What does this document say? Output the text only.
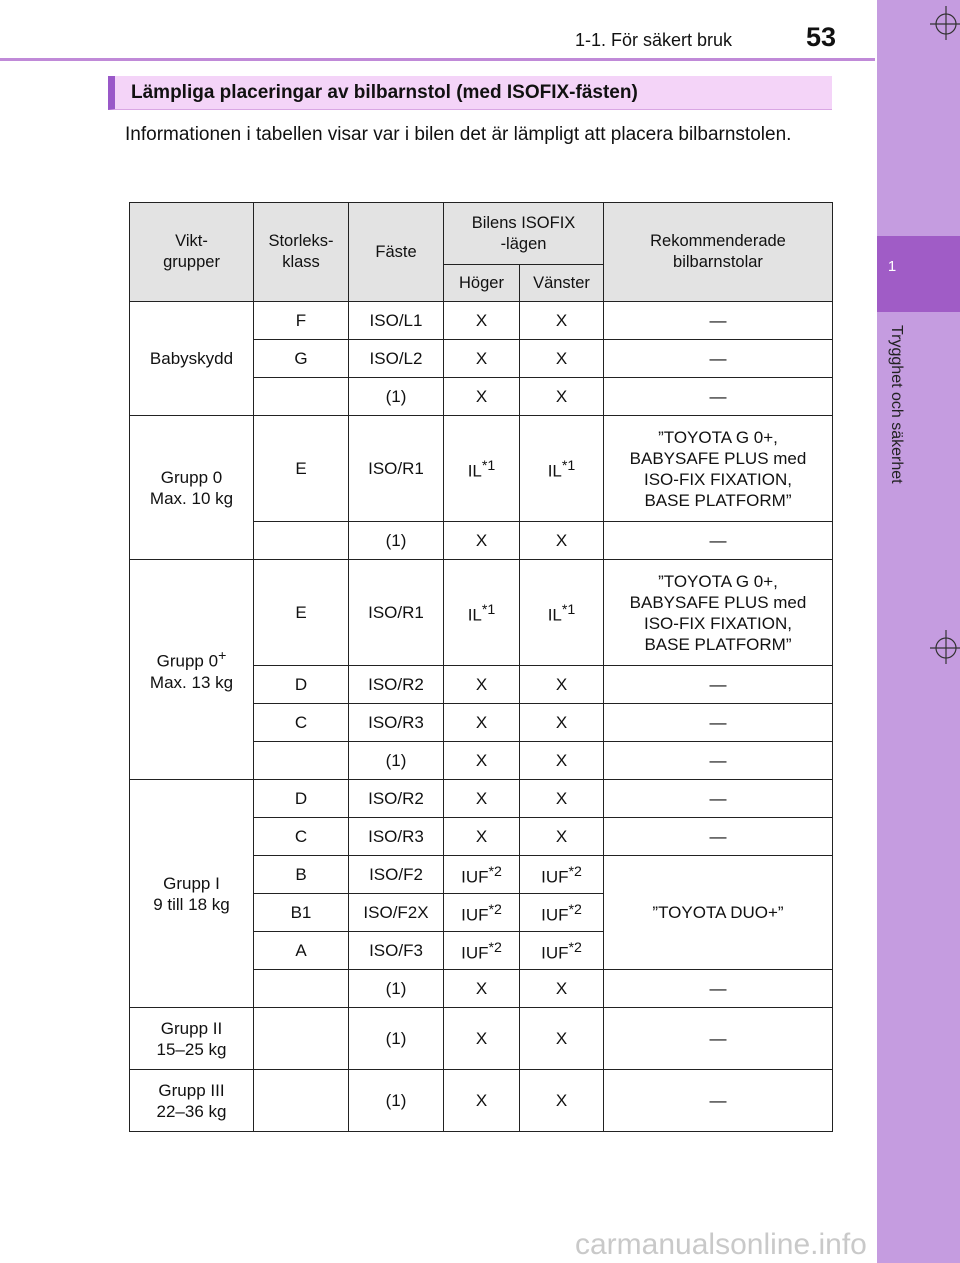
1-1. För säkert bruk	53
1
Trygghet och säkerhet
Lämpliga placeringar av bilbarnstol (med ISOFIX-fästen)
Informationen i tabellen visar var i bilen det är lämpligt att placera bilbarnstolen.
Vikt-
grupper	Storleks-
klass	Fäste	Bilens ISOFIX
-lägen		Rekommenderade
bilbarnstolar
			Höger	Vänster	
Babyskydd	F	ISO/L1	X	X	—
	G	ISO/L2	X	X	—
		(1)	X	X	—
Grupp 0
Max. 10 kg	E	ISO/R1	IL$^{*1}$	IL$^{*1}$	”TOYOTA G 0+,
BABYSAFE PLUS med
ISO-FIX FIXATION,
BASE PLATFORM”
		(1)	X	X	—
Grupp 0+
Max. 13 kg	E	ISO/R1	IL$^{*1}$	IL$^{*1}$	”TOYOTA G 0+,
BABYSAFE PLUS med
ISO-FIX FIXATION,
BASE PLATFORM”
	D	ISO/R2	X	X	—
	C	ISO/R3	X	X	—
		(1)	X	X	—
Grupp I
9 till 18 kg	D	ISO/R2	X	X	—
	C	ISO/R3	X	X	—
	B	ISO/F2	IUF$^{*2}$	IUF$^{*2}$	”TOYOTA DUO+”
	B1	ISO/F2X	IUF$^{*2}$	IUF$^{*2}$
	A	ISO/F3	IUF$^{*2}$	IUF$^{*2}$
		(1)	X	X	—
Grupp II
15–25 kg		(1)	X	X	—
Grupp III
22–36 kg		(1)	X	X	—
carmanualsonline.info
